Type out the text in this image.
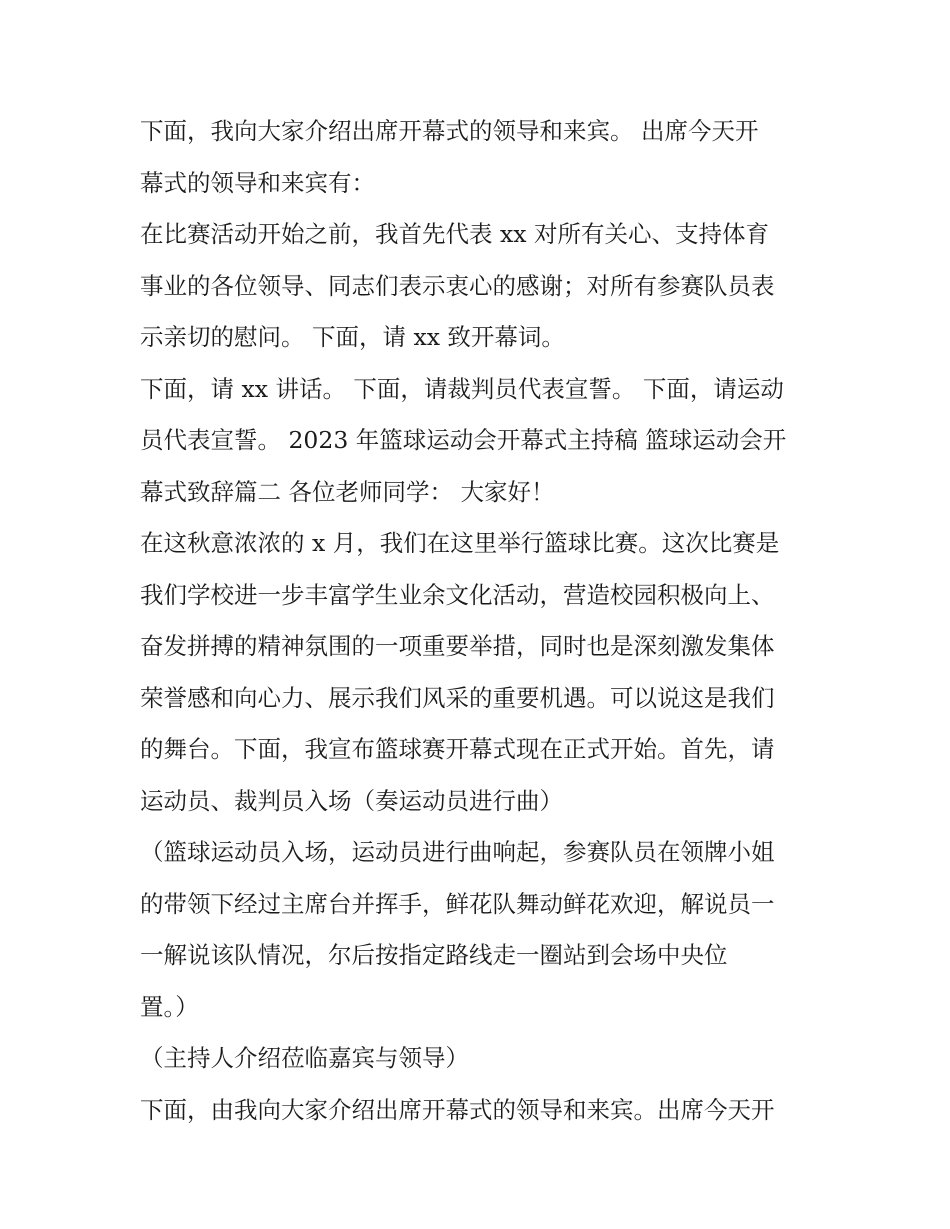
下面，我向大家介绍出席开幕式的领导和来宾。 出席今天开

幕式的领导和来宾有：

在比赛活动开始之前，我首先代表 xx 对所有关心、支持体育

事业的各位领导、同志们表示衷心的感谢；对所有参赛队员表

示亲切的慰问。 下面，请 xx 致开幕词。

下面，请 xx 讲话。 下面，请裁判员代表宣誓。 下面，请运动

员代表宣誓。 2023 年篮球运动会开幕式主持稿 篮球运动会开

幕式致辞篇二 各位老师同学： 大家好！

在这秋意浓浓的 x 月，我们在这里举行篮球比赛。这次比赛是

我们学校进一步丰富学生业余文化活动，营造校园积极向上、

奋发拼搏的精神氛围的一项重要举措，同时也是深刻激发集体

荣誉感和向心力、展示我们风采的重要机遇。可以说这是我们

的舞台。下面，我宣布篮球赛开幕式现在正式开始。首先，请

运动员、裁判员入场（奏运动员进行曲）

（篮球运动员入场，运动员进行曲响起，参赛队员在领牌小姐

的带领下经过主席台并挥手，鲜花队舞动鲜花欢迎，解说员一

一解说该队情况，尔后按指定路线走一圈站到会场中央位

置。）

（主持人介绍莅临嘉宾与领导）

下面，由我向大家介绍出席开幕式的领导和来宾。出席今天开
